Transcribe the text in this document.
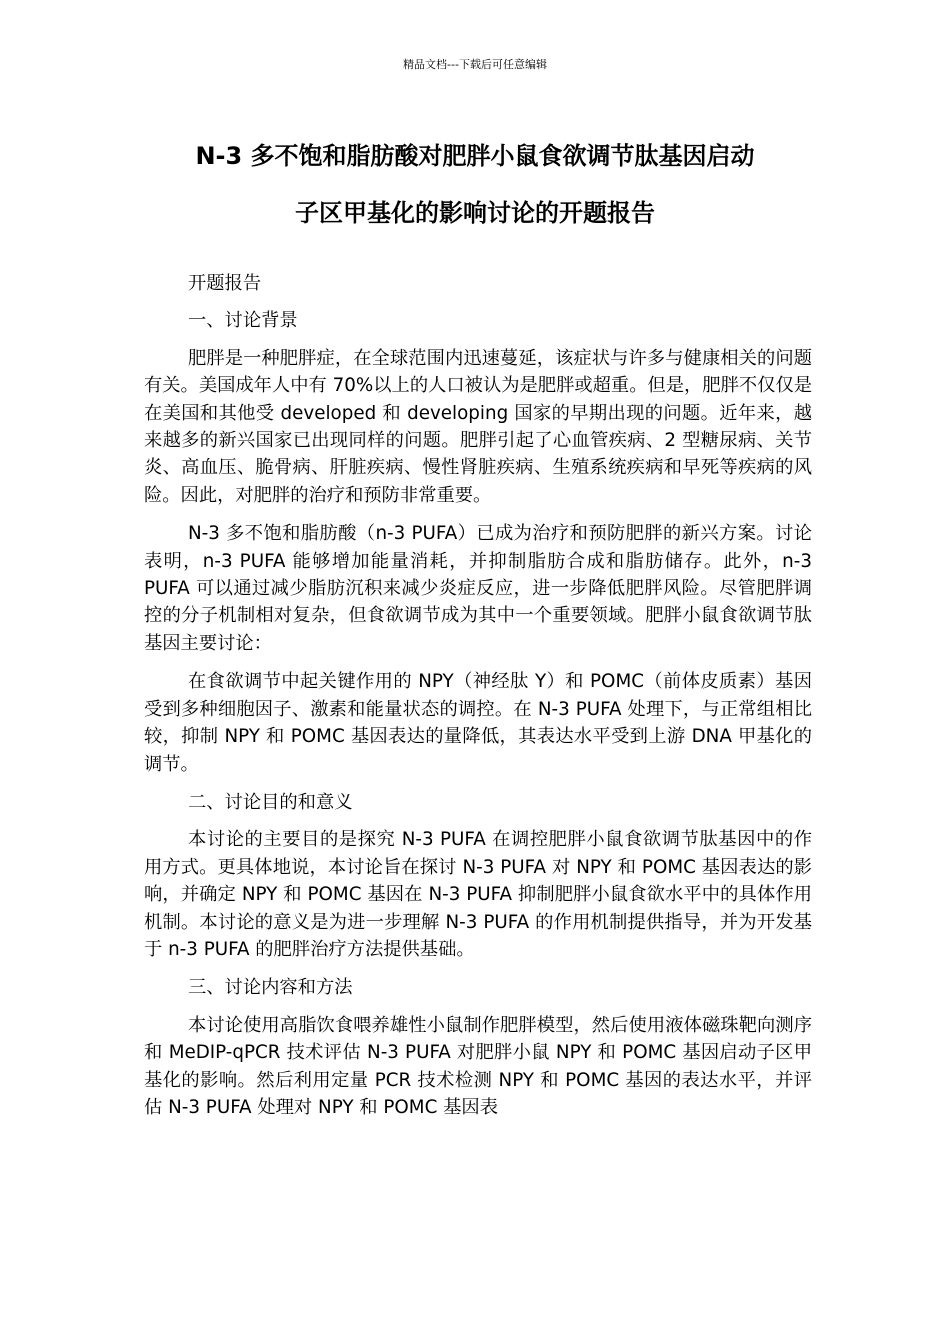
精品文档---下载后可任意编辑
N-3 多不饱和脂肪酸对肥胖小鼠食欲调节肽基因启动
子区甲基化的影响讨论的开题报告

开题报告

一、讨论背景

肥胖是一种肥胖症，在全球范围内迅速蔓延，该症状与许多与健康相关的问题有关。美国成年人中有 70%以上的人口被认为是肥胖或超重。但是，肥胖不仅仅是在美国和其他受 developed 和 developing 国家的早期出现的问题。近年来，越来越多的新兴国家已出现同样的问题。肥胖引起了心血管疾病、2 型糖尿病、关节炎、高血压、脆骨病、肝脏疾病、慢性肾脏疾病、生殖系统疾病和早死等疾病的风险。因此，对肥胖的治疗和预防非常重要。

N-3 多不饱和脂肪酸（n-3 PUFA）已成为治疗和预防肥胖的新兴方案。讨论表明，n-3 PUFA 能够增加能量消耗，并抑制脂肪合成和脂肪储存。此外，n-3 PUFA 可以通过减少脂肪沉积来减少炎症反应，进一步降低肥胖风险。尽管肥胖调控的分子机制相对复杂，但食欲调节成为其中一个重要领域。肥胖小鼠食欲调节肽基因主要讨论：

在食欲调节中起关键作用的 NPY（神经肽 Y）和 POMC（前体皮质素）基因受到多种细胞因子、激素和能量状态的调控。在 N-3 PUFA 处理下，与正常组相比较，抑制 NPY 和 POMC 基因表达的量降低，其表达水平受到上游 DNA 甲基化的调节。

二、讨论目的和意义

本讨论的主要目的是探究 N-3 PUFA 在调控肥胖小鼠食欲调节肽基因中的作用方式。更具体地说，本讨论旨在探讨 N-3 PUFA 对 NPY 和 POMC 基因表达的影响，并确定 NPY 和 POMC 基因在 N-3 PUFA 抑制肥胖小鼠食欲水平中的具体作用机制。本讨论的意义是为进一步理解 N-3 PUFA 的作用机制提供指导，并为开发基于 n-3 PUFA 的肥胖治疗方法提供基础。

三、讨论内容和方法

本讨论使用高脂饮食喂养雄性小鼠制作肥胖模型，然后使用液体磁珠靶向测序和 MeDIP-qPCR 技术评估 N-3 PUFA 对肥胖小鼠 NPY 和 POMC 基因启动子区甲基化的影响。然后利用定量 PCR 技术检测 NPY 和 POMC 基因的表达水平，并评估 N-3 PUFA 处理对 NPY 和 POMC 基因表
